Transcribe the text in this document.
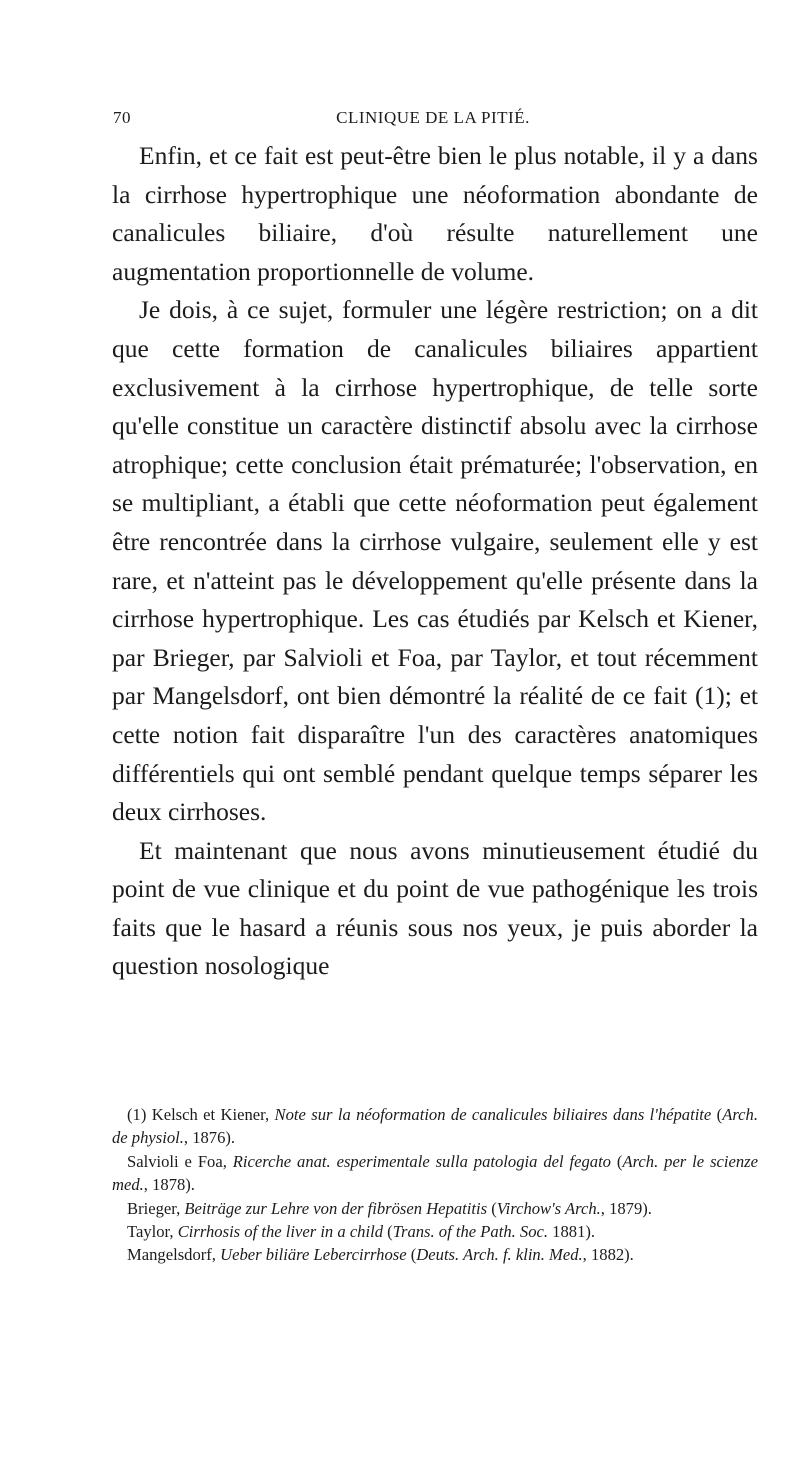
70	CLINIQUE DE LA PITIÉ.

Enfin, et ce fait est peut-être bien le plus notable, il y a dans la cirrhose hypertrophique une néoformation abondante de canalicules biliaire, d'où résulte naturellement une augmentation proportionnelle de volume.

Je dois, à ce sujet, formuler une légère restriction; on a dit que cette formation de canalicules biliaires appartient exclusivement à la cirrhose hypertrophique, de telle sorte qu'elle constitue un caractère distinctif absolu avec la cirrhose atrophique; cette conclusion était prématurée; l'observation, en se multipliant, a établi que cette néoformation peut également être rencontrée dans la cirrhose vulgaire, seulement elle y est rare, et n'atteint pas le développement qu'elle présente dans la cirrhose hypertrophique. Les cas étudiés par Kelsch et Kiener, par Brieger, par Salvioli et Foa, par Taylor, et tout récemment par Mangelsdorf, ont bien démontré la réalité de ce fait (1); et cette notion fait disparaître l'un des caractères anatomiques différentiels qui ont semblé pendant quelque temps séparer les deux cirrhoses.

Et maintenant que nous avons minutieusement étudié du point de vue clinique et du point de vue pathogénique les trois faits que le hasard a réunis sous nos yeux, je puis aborder la question nosologique

(1) Kelsch et Kiener, Note sur la néoformation de canalicules biliaires dans l'hépatite (Arch. de physiol., 1876).

Salvioli e Foa, Ricerche anat. esperimentale sulla patologia del fegato (Arch. per le scienze med., 1878).

Brieger, Beiträge zur Lehre von der fibrösen Hepatitis (Virchow's Arch., 1879).

Taylor, Cirrhosis of the liver in a child (Trans. of the Path. Soc. 1881).

Mangelsdorf, Ueber biliäre Lebercirrhose (Deuts. Arch. f. klin. Med., 1882).
